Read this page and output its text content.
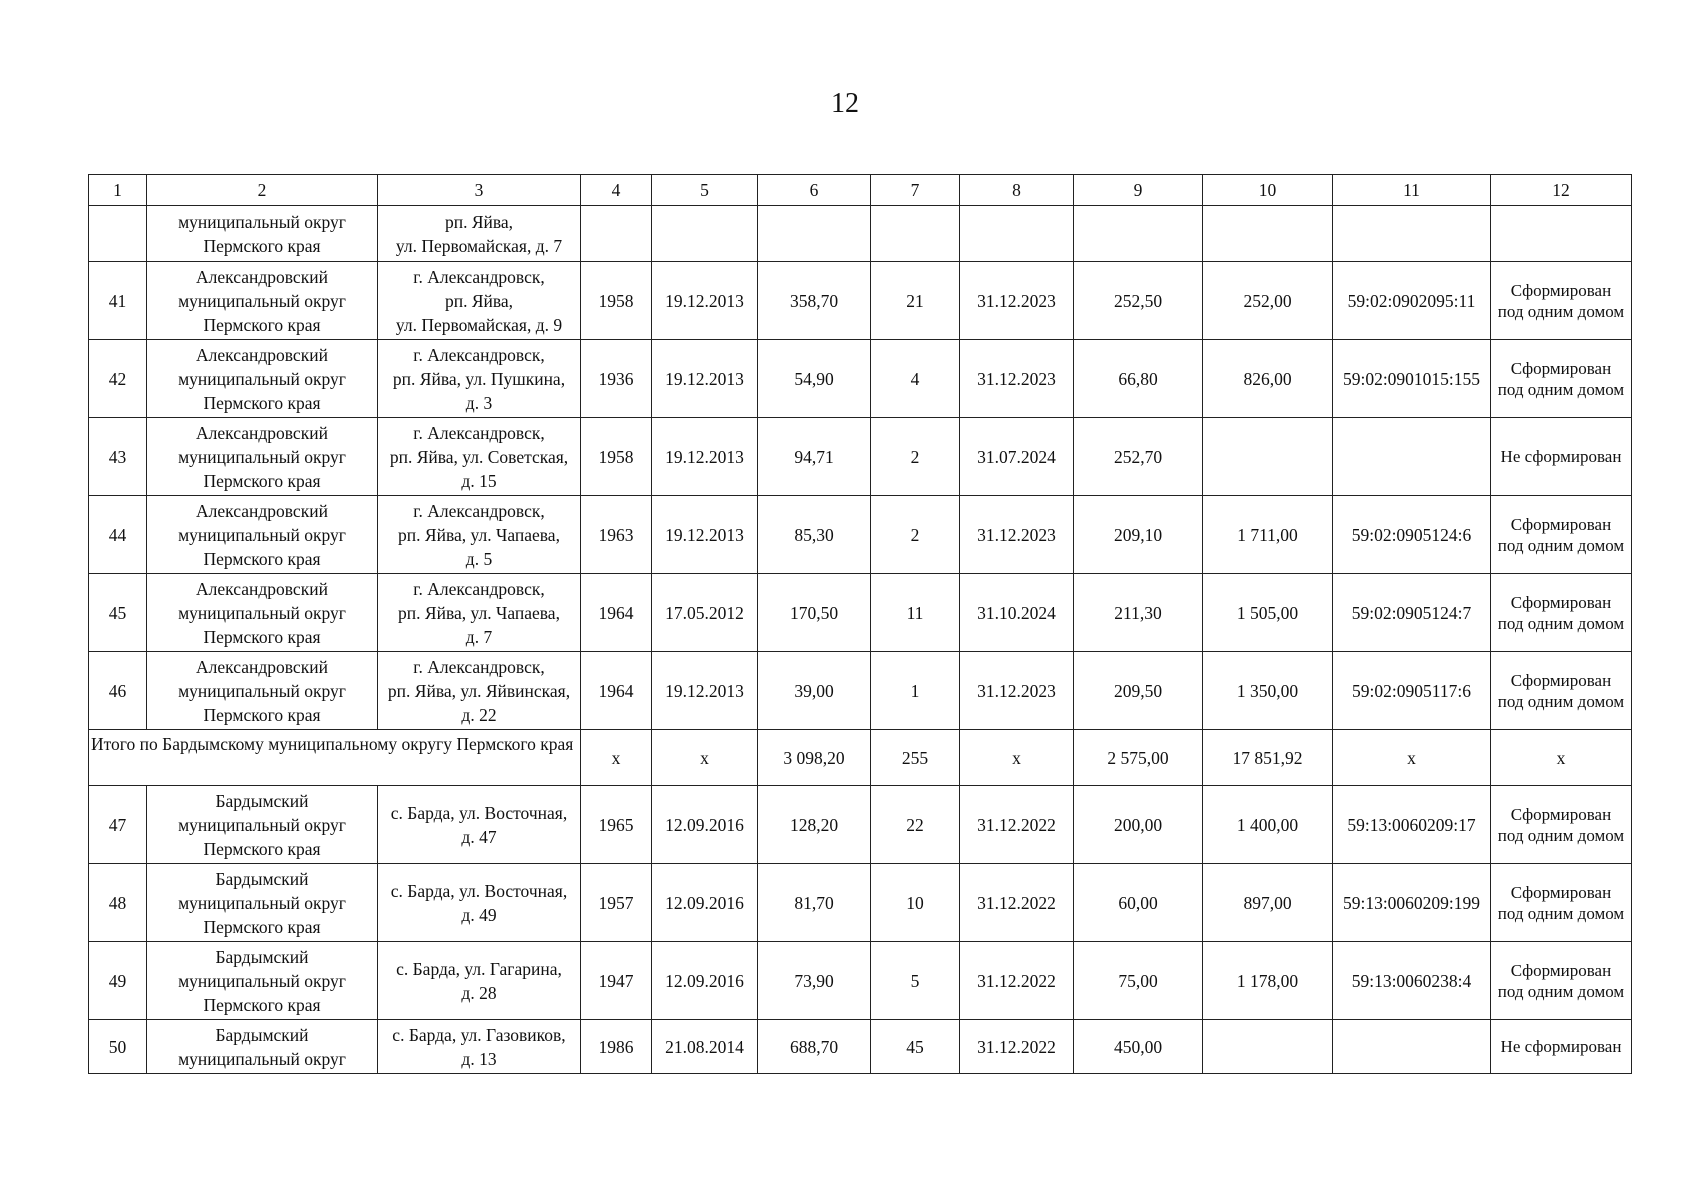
12
1	2	3	4	5	6	7	8	9	10	11	12

	муниципальный округ
Пермского края	рп. Яйва,
ул. Первомайская, д. 7									

41	Александровский
муниципальный округ
Пермского края	г. Александровск,
рп. Яйва,
ул. Первомайская, д. 9	1958	19.12.2013	358,70	21	31.12.2023	252,50	252,00	59:02:0902095:11	Сформирован
под одним домом

42	Александровский
муниципальный округ
Пермского края	г. Александровск,
рп. Яйва, ул. Пушкина,
д. 3	1936	19.12.2013	54,90	4	31.12.2023	66,80	826,00	59:02:0901015:155	Сформирован
под одним домом

43	Александровский
муниципальный округ
Пермского края	г. Александровск,
рп. Яйва, ул. Советская,
д. 15	1958	19.12.2013	94,71	2	31.07.2024	252,70			Не сформирован

44	Александровский
муниципальный округ
Пермского края	г. Александровск,
рп. Яйва, ул. Чапаева,
д. 5	1963	19.12.2013	85,30	2	31.12.2023	209,10	1 711,00	59:02:0905124:6	Сформирован
под одним домом

45	Александровский
муниципальный округ
Пермского края	г. Александровск,
рп. Яйва, ул. Чапаева,
д. 7	1964	17.05.2012	170,50	11	31.10.2024	211,30	1 505,00	59:02:0905124:7	Сформирован
под одним домом

46	Александровский
муниципальный округ
Пермского края	г. Александровск,
рп. Яйва, ул. Яйвинская,
д. 22	1964	19.12.2013	39,00	1	31.12.2023	209,50	1 350,00	59:02:0905117:6	Сформирован
под одним домом

Итого по Бардымскому муниципальному округу Пермского края			х	х	3 098,20	255	х	2 575,00	17 851,92	х	х
47	Бардымский
муниципальный округ
Пермского края	с. Барда, ул. Восточная,
д. 47	1965	12.09.2016	128,20	22	31.12.2022	200,00	1 400,00	59:13:0060209:17	Сформирован
под одним домом

48	Бардымский
муниципальный округ
Пермского края	с. Барда, ул. Восточная,
д. 49	1957	12.09.2016	81,70	10	31.12.2022	60,00	897,00	59:13:0060209:199	Сформирован
под одним домом

49	Бардымский
муниципальный округ
Пермского края	с. Барда, ул. Гагарина,
д. 28	1947	12.09.2016	73,90	5	31.12.2022	75,00	1 178,00	59:13:0060238:4	Сформирован
под одним домом

50	Бардымский
муниципальный округ	с. Барда, ул. Газовиков,
д. 13	1986	21.08.2014	688,70	45	31.12.2022	450,00			Не сформирован
